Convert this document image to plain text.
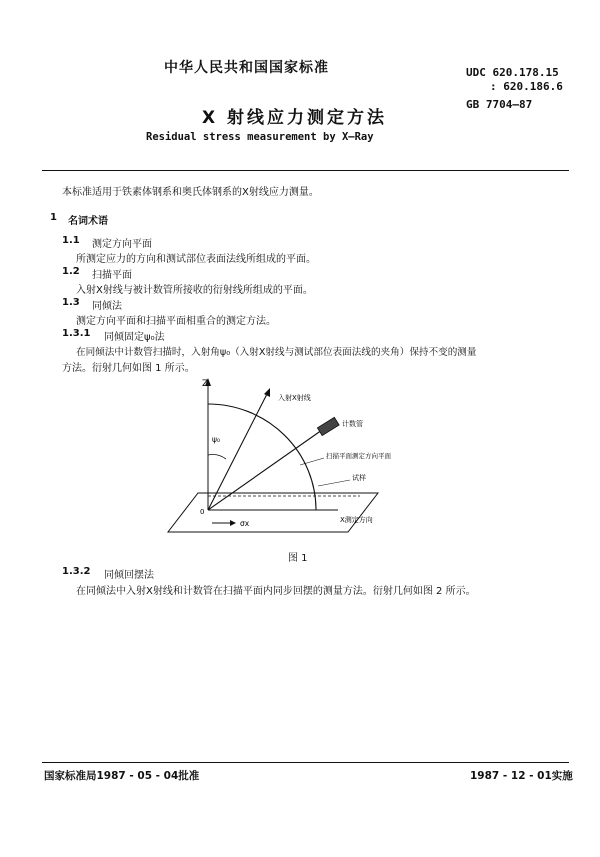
中华人民共和国国家标准	UDC 620.178.15
: 620.186.6
GB 7704—87
X 射线应力测定方法
Residual stress measurement by X—Ray
本标准适用于铁素体钢系和奥氏体钢系的X射线应力测量。
1 名词术语
1.1 测定方向平面
所测定应力的方向和测试部位表面法线所组成的平面。
1.2 扫描平面
入射X射线与被计数管所接收的衍射线所组成的平面。
1.3 同倾法
测定方向平面和扫描平面相重合的测定方法。
1.3.1 同倾固定ψ₀法
在同倾法中计数管扫描时，入射角ψ₀（入射X射线与测试部位表面法线的夹角）保持不变的测量
方法。衍射几何如图 1 所示。
Z
ψ₀
0
σx
入射X射线
计数管
扫描平面测定方向平面
试样
X测定方向
图 1
1.3.2 同倾回摆法
在同倾法中入射X射线和计数管在扫描平面内同步回摆的测量方法。衍射几何如图 2 所示。
国家标准局1987 - 05 - 04批准	1987 - 12 - 01实施
